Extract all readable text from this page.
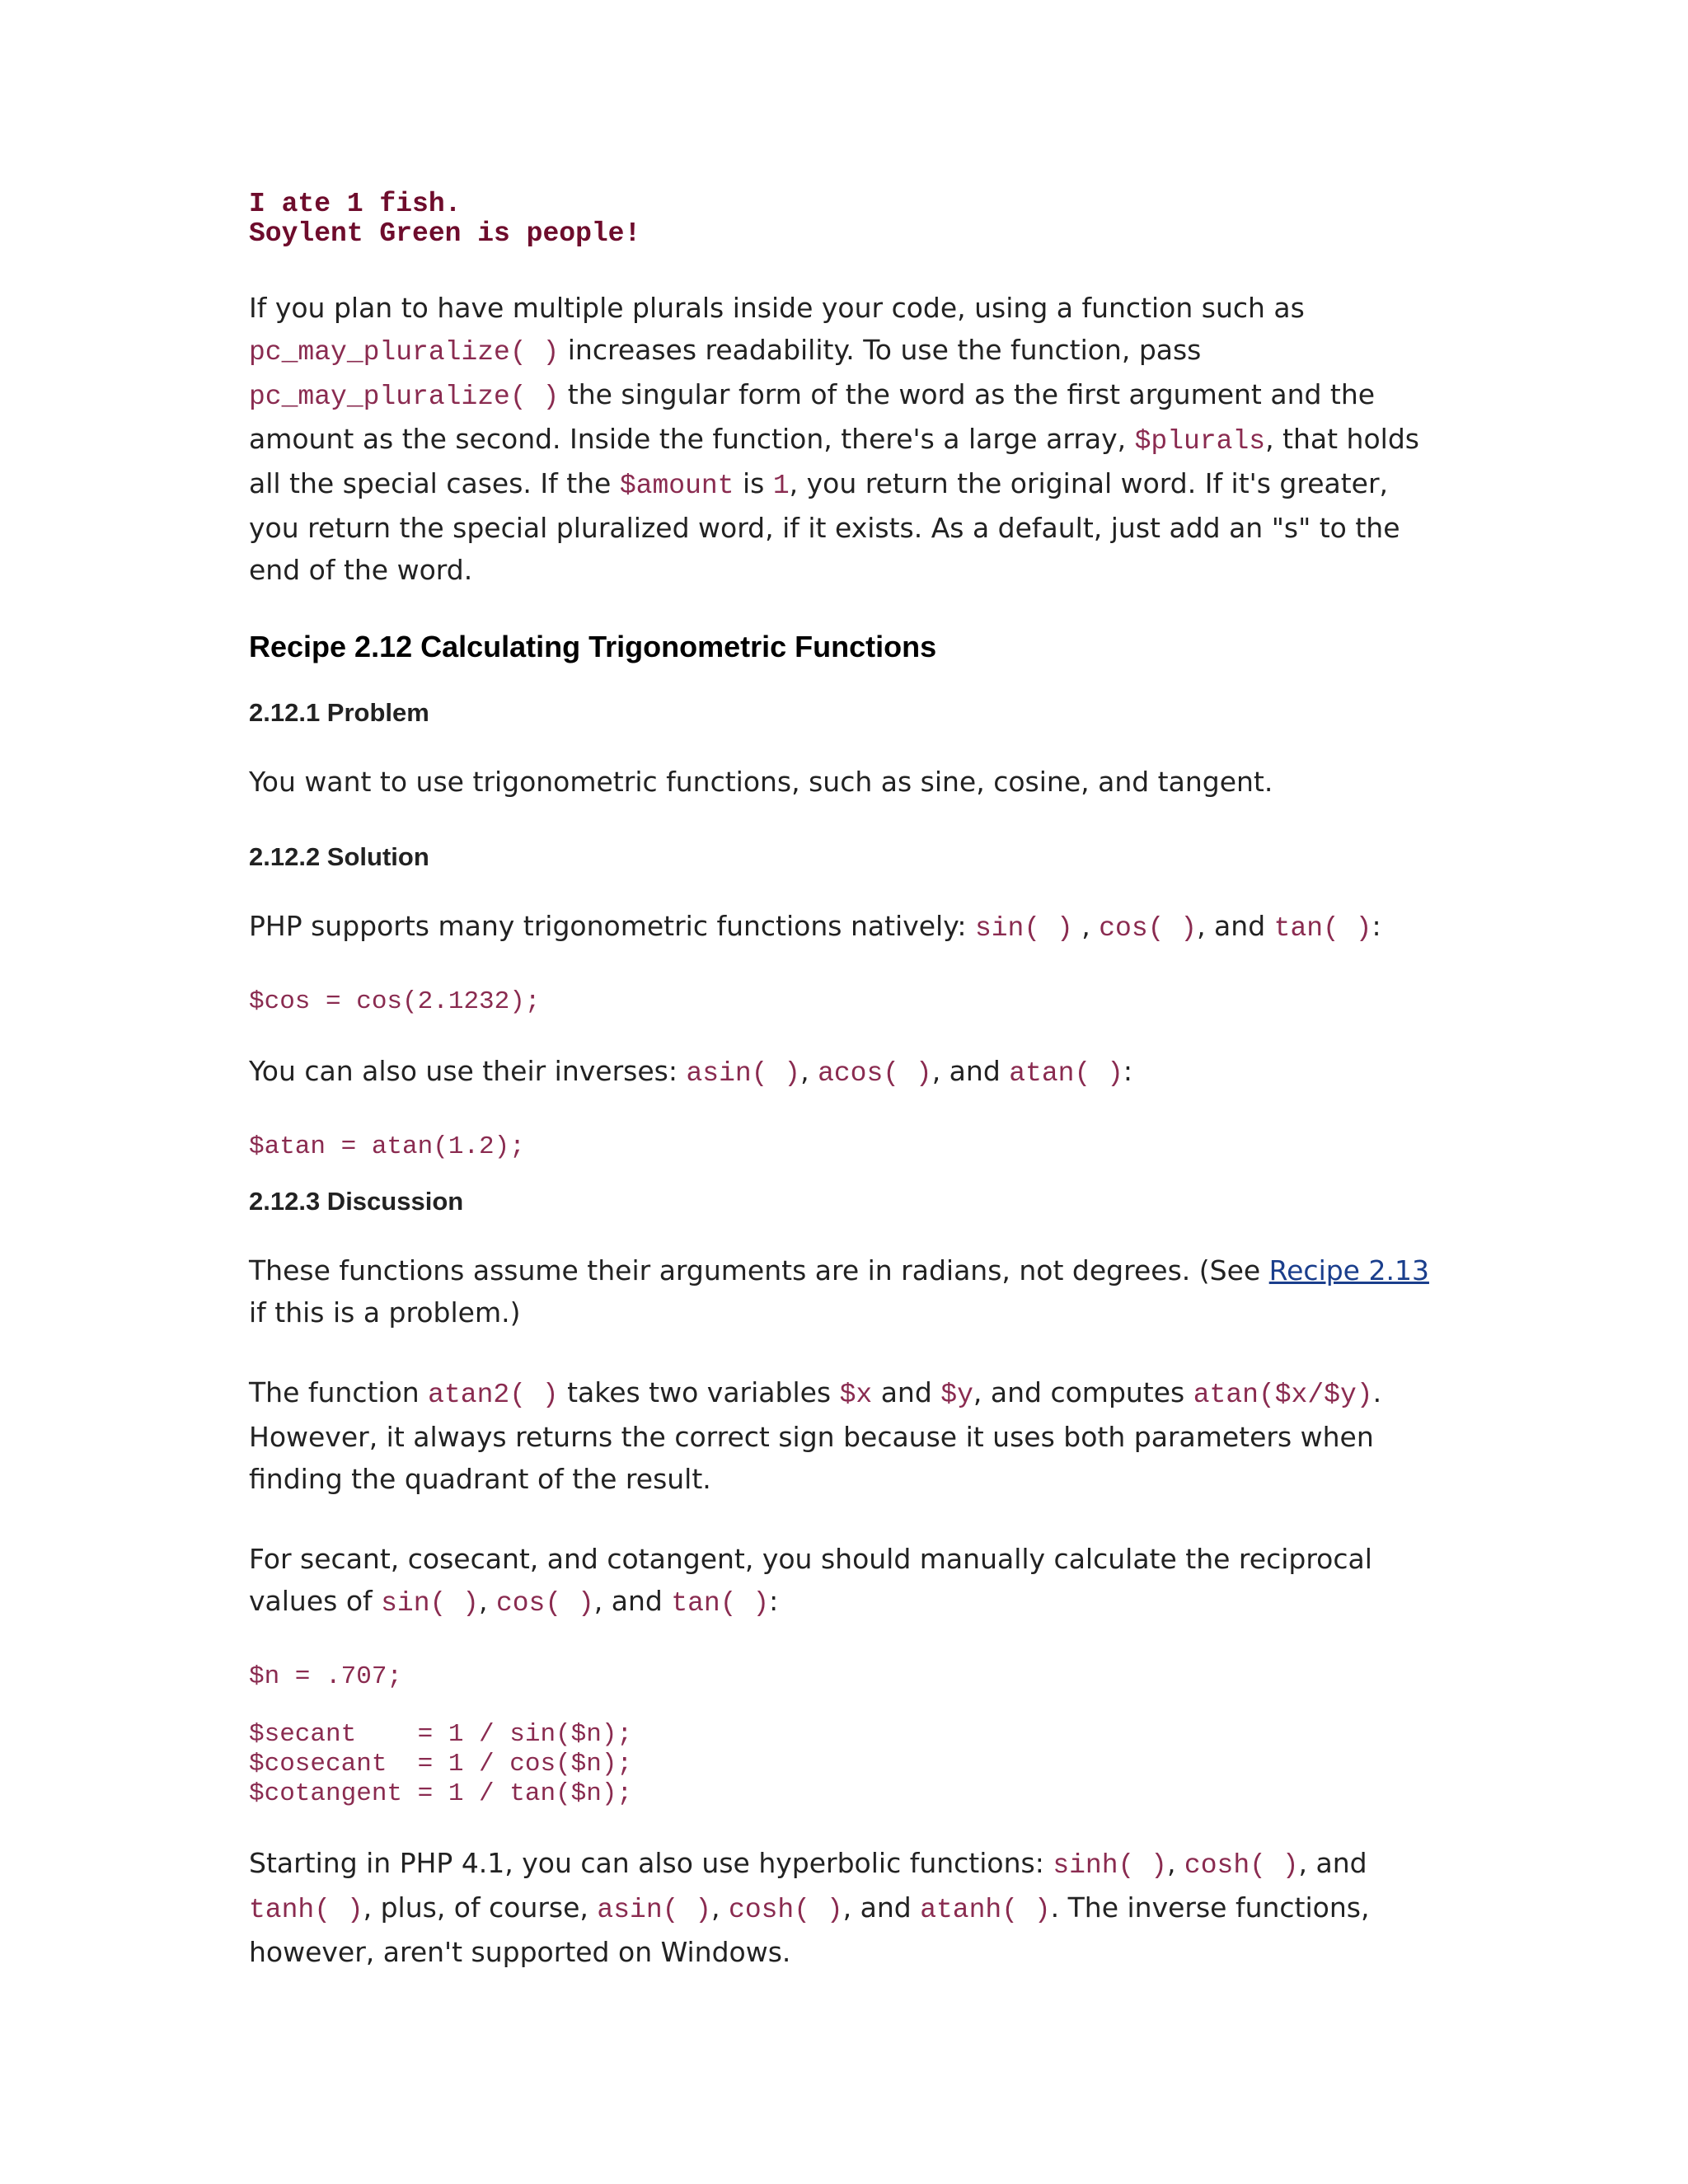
I ate 1 fish.
Soylent Green is people!

If you plan to have multiple plurals inside your code, using a function such as pc_may_pluralize( ) increases readability. To use the function, pass pc_may_pluralize( ) the singular form of the word as the first argument and the amount as the second. Inside the function, there's a large array, $plurals, that holds all the special cases. If the $amount is 1, you return the original word. If it's greater, you return the special pluralized word, if it exists. As a default, just add an "s" to the end of the word.

Recipe 2.12 Calculating Trigonometric Functions
2.12.1 Problem

You want to use trigonometric functions, such as sine, cosine, and tangent.

2.12.2 Solution

PHP supports many trigonometric functions natively: sin( ) , cos( ), and tan( ):

$cos = cos(2.1232);

You can also use their inverses: asin( ), acos( ), and atan( ):

$atan = atan(1.2);
2.12.3 Discussion

These functions assume their arguments are in radians, not degrees. (See Recipe 2.13 if this is a problem.)

The function atan2( ) takes two variables $x and $y, and computes atan($x/$y). However, it always returns the correct sign because it uses both parameters when finding the quadrant of the result.

For secant, cosecant, and cotangent, you should manually calculate the reciprocal values of sin( ), cos( ), and tan( ):

$n = .707;
$secant    = 1 / sin($n);
$cosecant  = 1 / cos($n);
$cotangent = 1 / tan($n);

Starting in PHP 4.1, you can also use hyperbolic functions: sinh( ), cosh( ), and tanh( ), plus, of course, asin( ), cosh( ), and atanh( ). The inverse functions, however, aren't supported on Windows.
